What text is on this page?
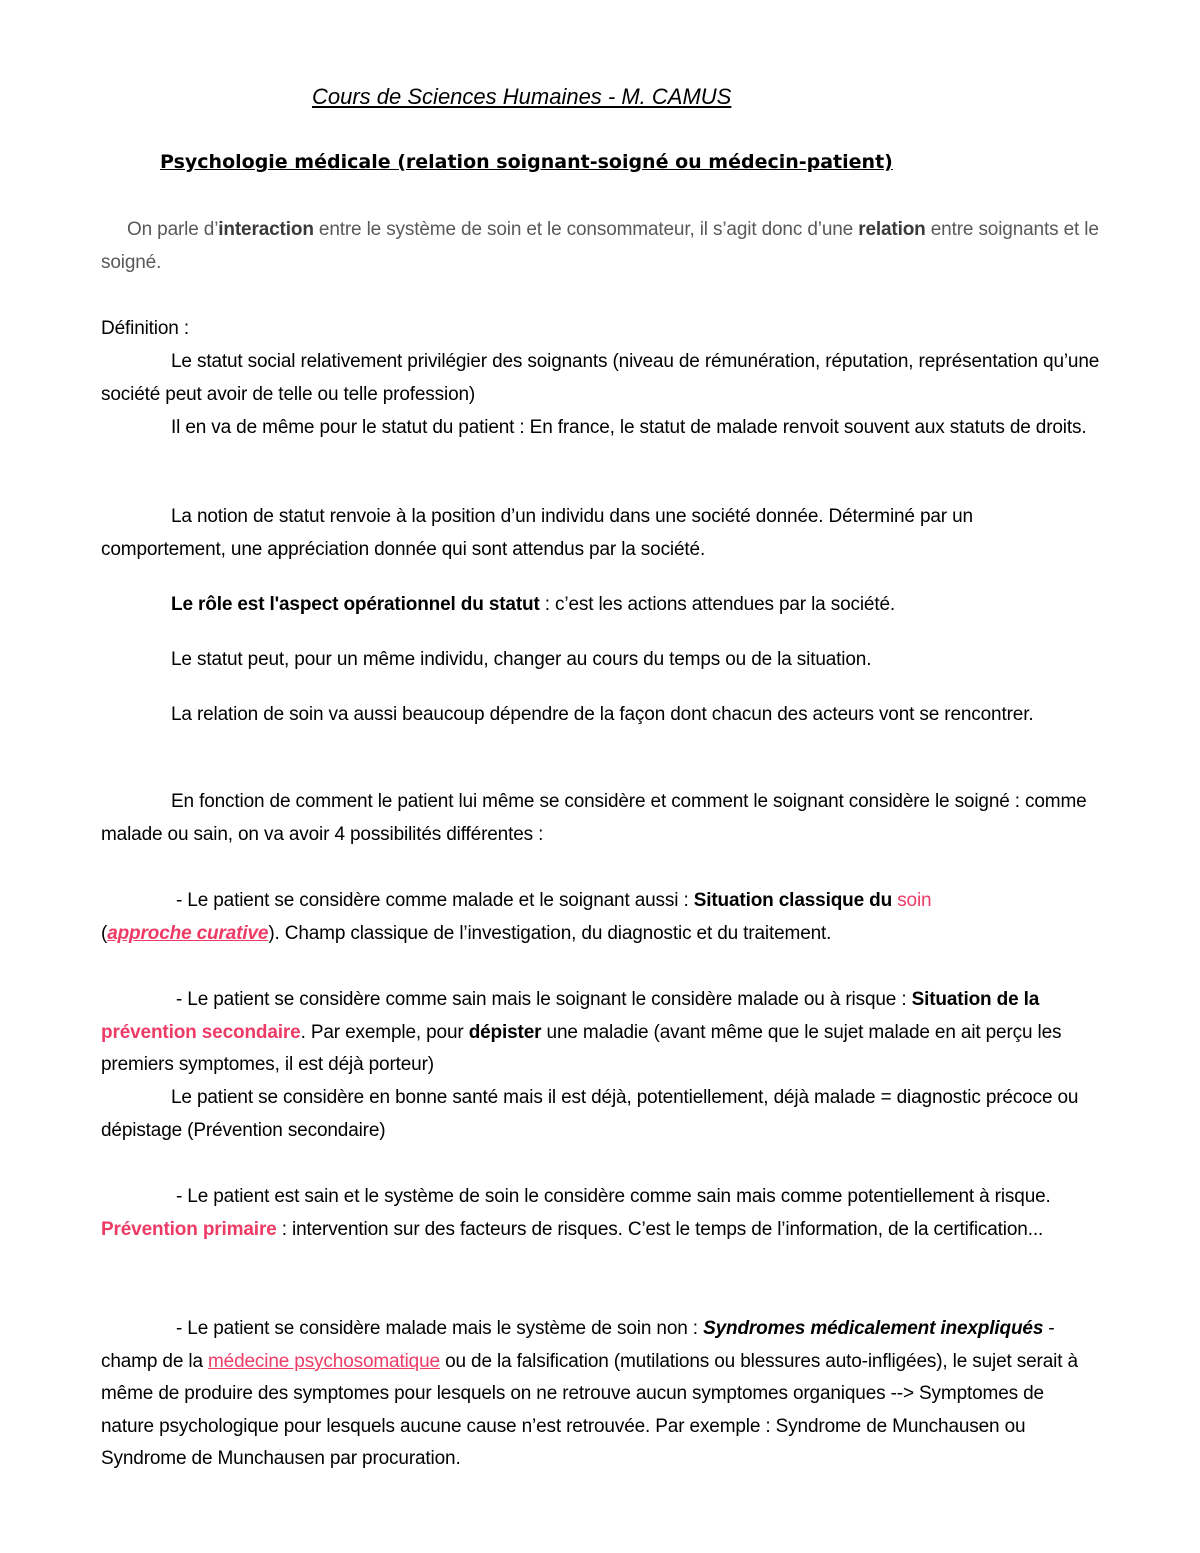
Cours de Sciences Humaines - M. CAMUS
Psychologie médicale (relation soignant-soigné ou médecin-patient)

On parle d’interaction entre le système de soin et le consommateur, il s’agit donc d’une relation entre soignants et le soigné.

Définition :

Le statut social relativement privilégier des soignants (niveau de rémunération, réputation, représentation qu’une société peut avoir de telle ou telle profession)

Il en va de même pour le statut du patient : En france, le statut de malade renvoit souvent aux statuts de droits.

La notion de statut renvoie à la position d’un individu dans une société donnée. Déterminé par un comportement, une appréciation donnée qui sont attendus par la société.

Le rôle est l'aspect opérationnel du statut : c’est les actions attendues par la société.

Le statut peut, pour un même individu, changer au cours du temps ou de la situation.

La relation de soin va aussi beaucoup dépendre de la façon dont chacun des acteurs vont se rencontrer.

En fonction de comment le patient lui même se considère et comment le soignant considère le soigné : comme malade ou sain, on va avoir 4 possibilités différentes :

- Le patient se considère comme malade et le soignant aussi : Situation classique du soin
(approche curative). Champ classique de l’investigation, du diagnostic et du traitement.

- Le patient se considère comme sain mais le soignant le considère malade ou à risque : Situation de la prévention secondaire. Par exemple, pour dépister une maladie (avant même que le sujet malade en ait perçu les premiers symptomes, il est déjà porteur)

Le patient se considère en bonne santé mais il est déjà, potentiellement, déjà malade = diagnostic précoce ou dépistage (Prévention secondaire)

- Le patient est sain et le système de soin le considère comme sain mais comme potentiellement à risque. Prévention primaire : intervention sur des facteurs de risques. C’est le temps de l’information, de la certification...

- Le patient se considère malade mais le système de soin non : Syndromes médicalement inexpliqués - champ de la médecine psychosomatique ou de la falsification (mutilations ou blessures auto-infligées), le sujet serait à même de produire des symptomes pour lesquels on ne retrouve aucun symptomes organiques --> Symptomes de nature psychologique pour lesquels aucune cause n’est retrouvée. Par exemple : Syndrome de Munchausen ou Syndrome de Munchausen par procuration.
